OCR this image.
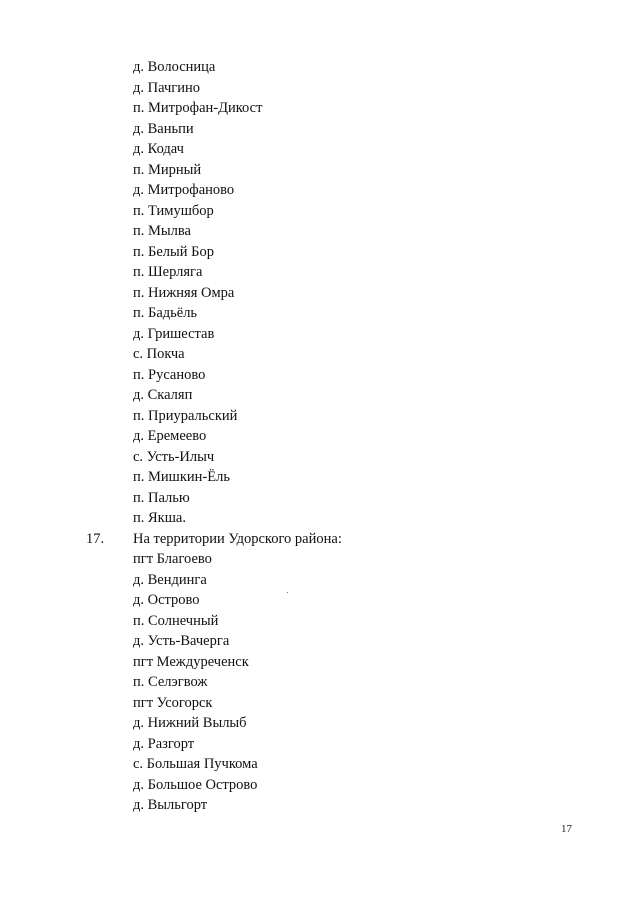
д. Волосница
д. Пачгино
п. Митрофан-Дикост
д. Ваньпи
д. Кодач
п. Мирный
д. Митрофаново
п. Тимушбор
п. Мылва
п. Белый Бор
п. Шерляга
п. Нижняя Омра
п. Бадьёль
д. Гришестав
с. Покча
п. Русаново
д. Скаляп
п. Приуральский
д. Еремеево
с. Усть-Илыч
п. Мишкин-Ёль
п. Палью
п. Якша.
17. На территории Удорского района:
пгт Благоево
д. Вендинга
д. Острово
п. Солнечный
д. Усть-Вачерга
пгт Междуреченск
п. Селэгвож
пгт Усогорск
д. Нижний Вылыб
д. Разгорт
с. Большая Пучкома
д. Большое Острово
д. Выльгорт
17
